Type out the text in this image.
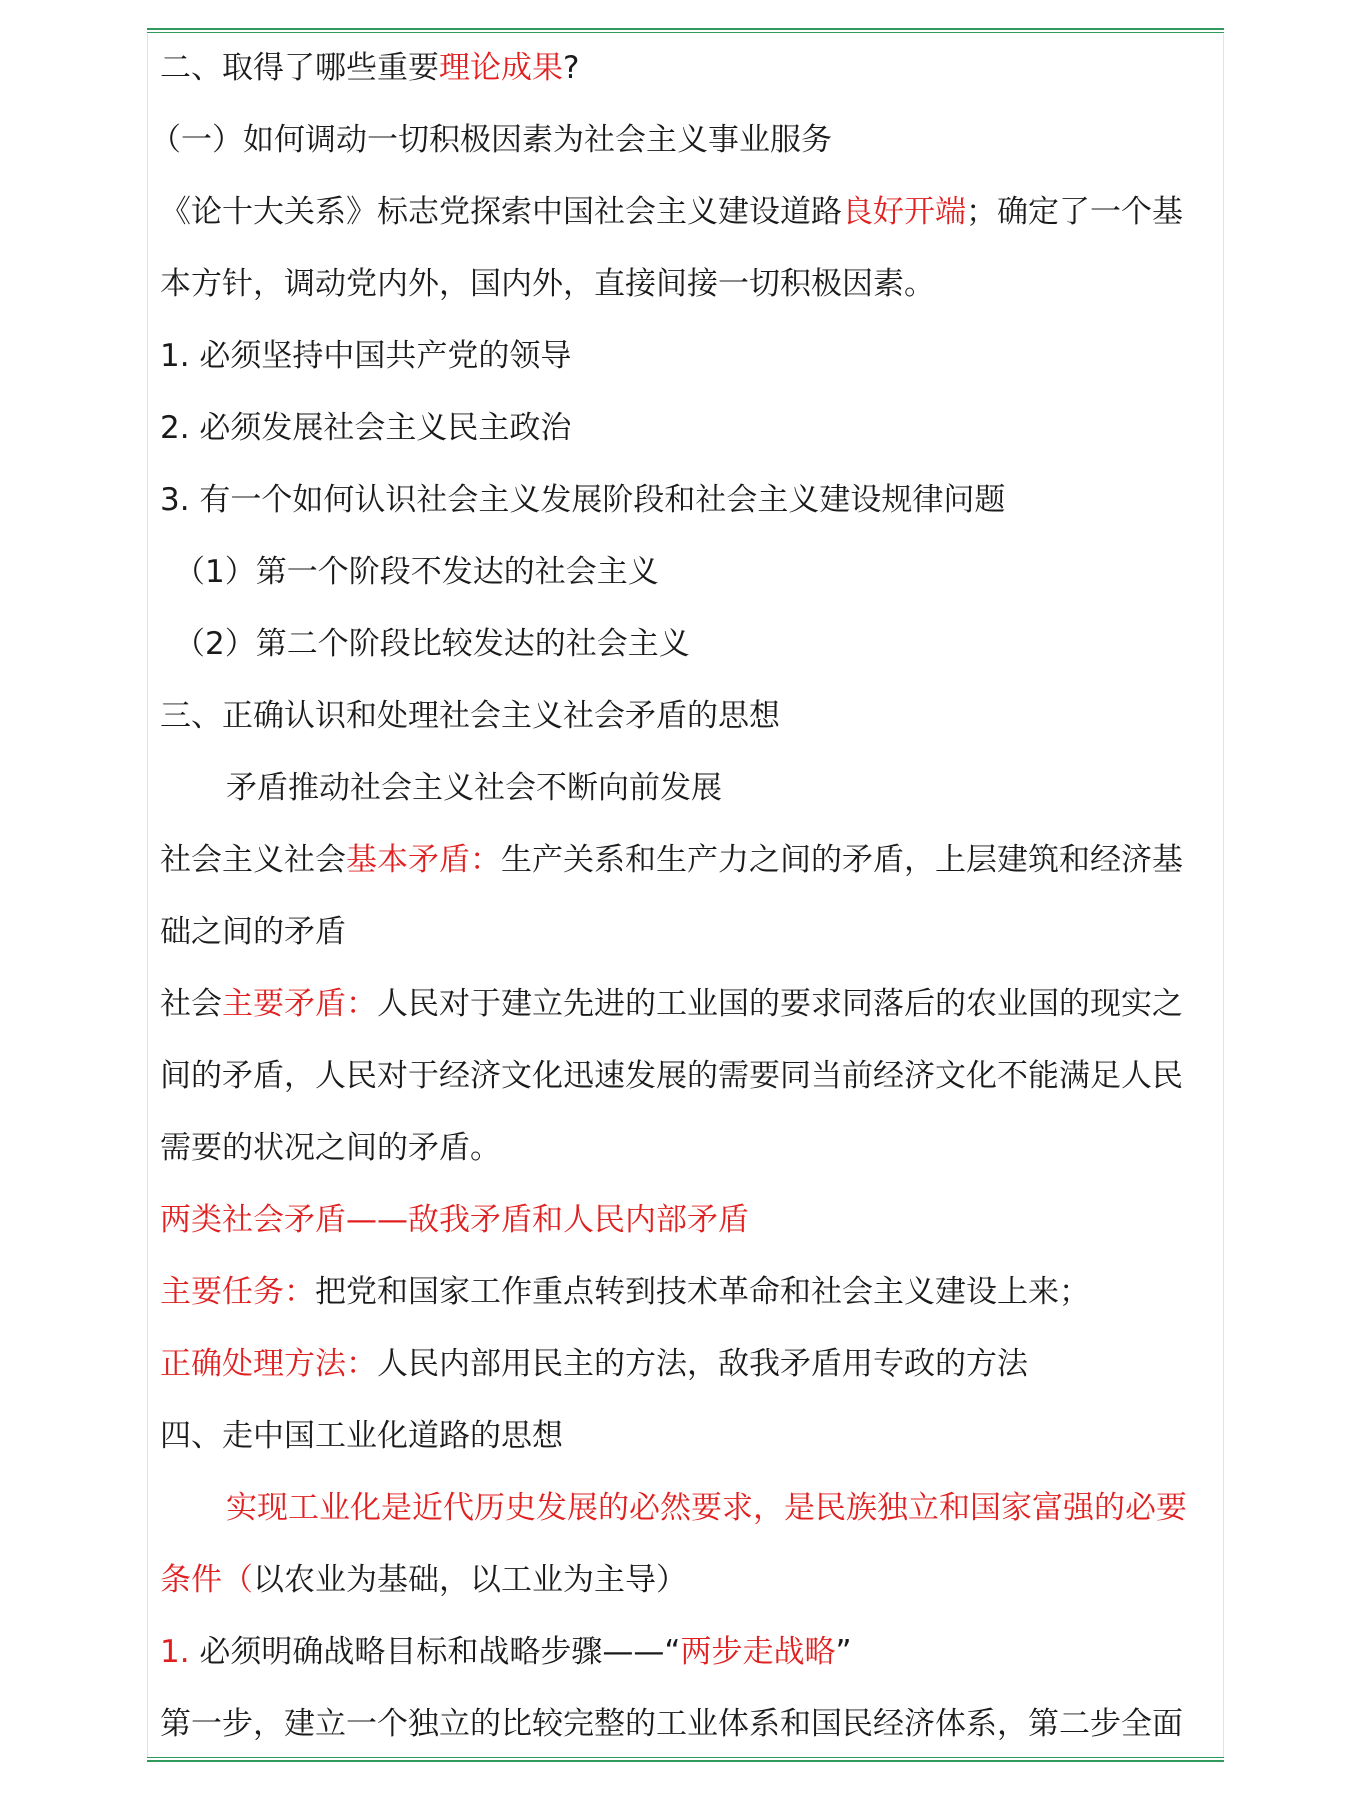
二、取得了哪些重要理论成果?
（一）如何调动一切积极因素为社会主义事业服务
《论十大关系》标志党探索中国社会主义建设道路良好开端；确定了一个基
本方针，调动党内外，国内外，直接间接一切积极因素。
1. 必须坚持中国共产党的领导
2. 必须发展社会主义民主政治
3. 有一个如何认识社会主义发展阶段和社会主义建设规律问题
（1）第一个阶段不发达的社会主义
（2）第二个阶段比较发达的社会主义
三、正确认识和处理社会主义社会矛盾的思想
矛盾推动社会主义社会不断向前发展
社会主义社会基本矛盾：生产关系和生产力之间的矛盾，上层建筑和经济基
础之间的矛盾
社会主要矛盾：人民对于建立先进的工业国的要求同落后的农业国的现实之
间的矛盾，人民对于经济文化迅速发展的需要同当前经济文化不能满足人民
需要的状况之间的矛盾。
两类社会矛盾——敌我矛盾和人民内部矛盾
主要任务：把党和国家工作重点转到技术革命和社会主义建设上来；
正确处理方法：人民内部用民主的方法，敌我矛盾用专政的方法
四、走中国工业化道路的思想
实现工业化是近代历史发展的必然要求，是民族独立和国家富强的必要
条件（以农业为基础，以工业为主导）
1. 必须明确战略目标和战略步骤——“两步走战略”
第一步，建立一个独立的比较完整的工业体系和国民经济体系，第二步全面
